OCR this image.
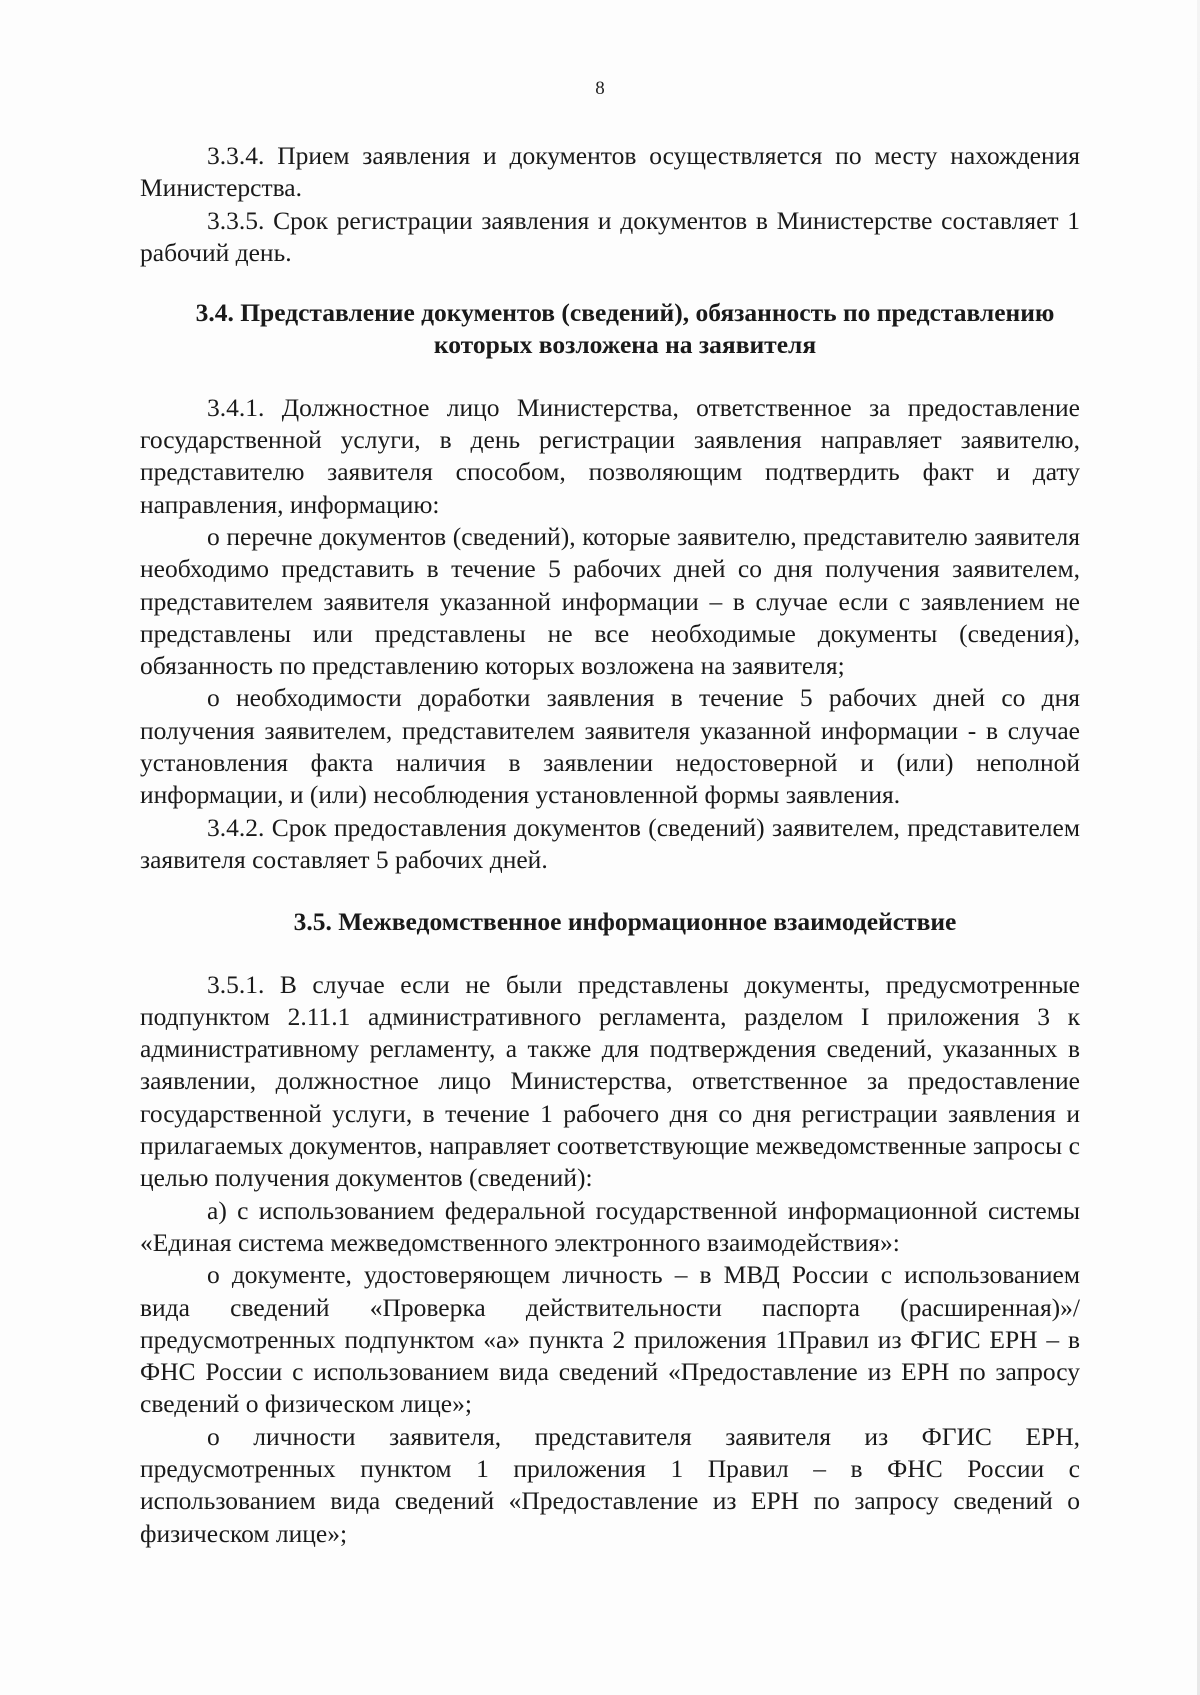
8

3.3.4. Прием заявления и документов осуществляется по месту нахождения Министерства.

3.3.5. Срок регистрации заявления и документов в Министерстве составляет 1 рабочий день.

3.4. Представление документов (сведений), обязанность по представлению которых возложена на заявителя

3.4.1. Должностное лицо Министерства, ответственное за предоставление государственной услуги, в день регистрации заявления направляет заявителю, представителю заявителя способом, позволяющим подтвердить факт и дату направления, информацию:

о перечне документов (сведений), которые заявителю, представителю заявителя необходимо представить в течение 5 рабочих дней со дня получения заявителем, представителем заявителя указанной информации – в случае если с заявлением не представлены или представлены не все необходимые документы (сведения), обязанность по представлению которых возложена на заявителя;

о необходимости доработки заявления в течение 5 рабочих дней со дня получения заявителем, представителем заявителя указанной информации - в случае установления факта наличия в заявлении недостоверной и (или) неполной информации, и (или) несоблюдения установленной формы заявления.

3.4.2. Срок предоставления документов (сведений) заявителем, представителем заявителя составляет 5 рабочих дней.

3.5. Межведомственное информационное взаимодействие

3.5.1. В случае если не были представлены документы, предусмотренные подпунктом 2.11.1 административного регламента, разделом I приложения 3 к административному регламенту, а также для подтверждения сведений, указанных в заявлении, должностное лицо Министерства, ответственное за предоставление государственной услуги, в течение 1 рабочего дня со дня регистрации заявления и прилагаемых документов, направляет соответствующие межведомственные запросы с целью получения документов (сведений):

а) с использованием федеральной государственной информационной системы «Единая система межведомственного электронного взаимодействия»:

о документе, удостоверяющем личность – в МВД России с использованием вида сведений «Проверка действительности паспорта (расширенная)»/предусмотренных подпунктом «а» пункта 2 приложения 1Правил из ФГИС ЕРН – в ФНС России с использованием вида сведений «Предоставление из ЕРН по запросу сведений о физическом лице»;

о личности заявителя, представителя заявителя из ФГИС ЕРН, предусмотренных пунктом 1 приложения 1 Правил – в ФНС России с использованием вида сведений «Предоставление из ЕРН по запросу сведений о физическом лице»;
